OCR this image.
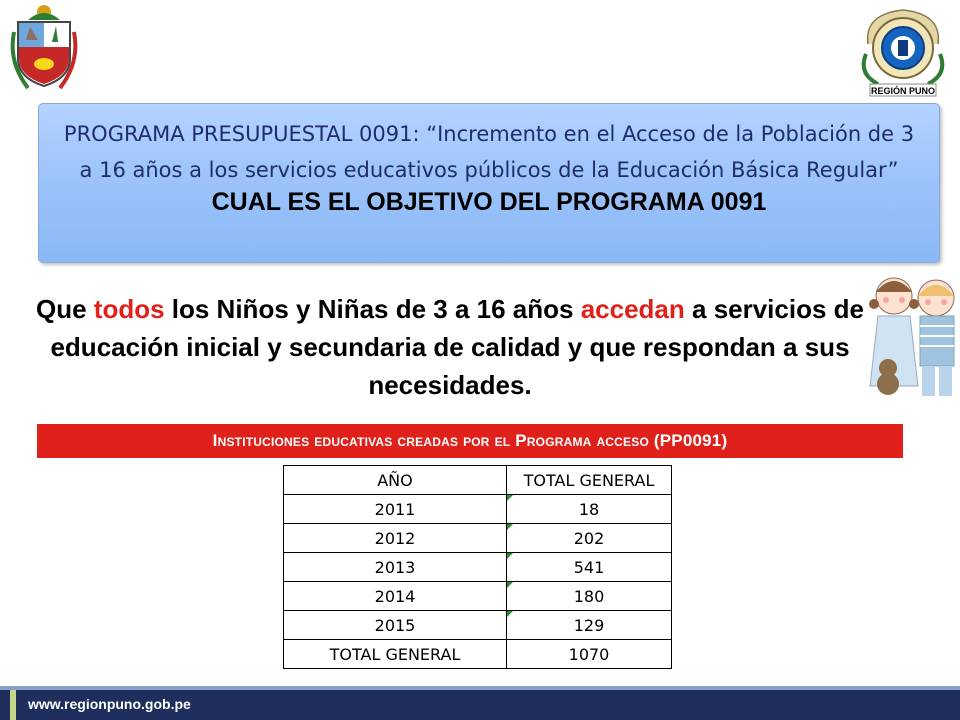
REGIÓN PUNO
PROGRAMA PRESUPUESTAL 0091: “Incremento en el Acceso de la Población de 3 a 16 años a los servicios educativos públicos de la Educación Básica Regular”
CUAL ES EL OBJETIVO DEL PROGRAMA 0091
Que todos los Niños y Niñas de 3 a 16 años accedan a servicios de educación inicial y secundaria de calidad y que respondan a sus necesidades.
Instituciones educativas creadas por el Programa acceso (PP0091)
AÑO	TOTAL GENERAL
2011	18
2012	202
2013	541
2014	180
2015	129
TOTAL GENERAL	1070
www.regionpuno.gob.pe
